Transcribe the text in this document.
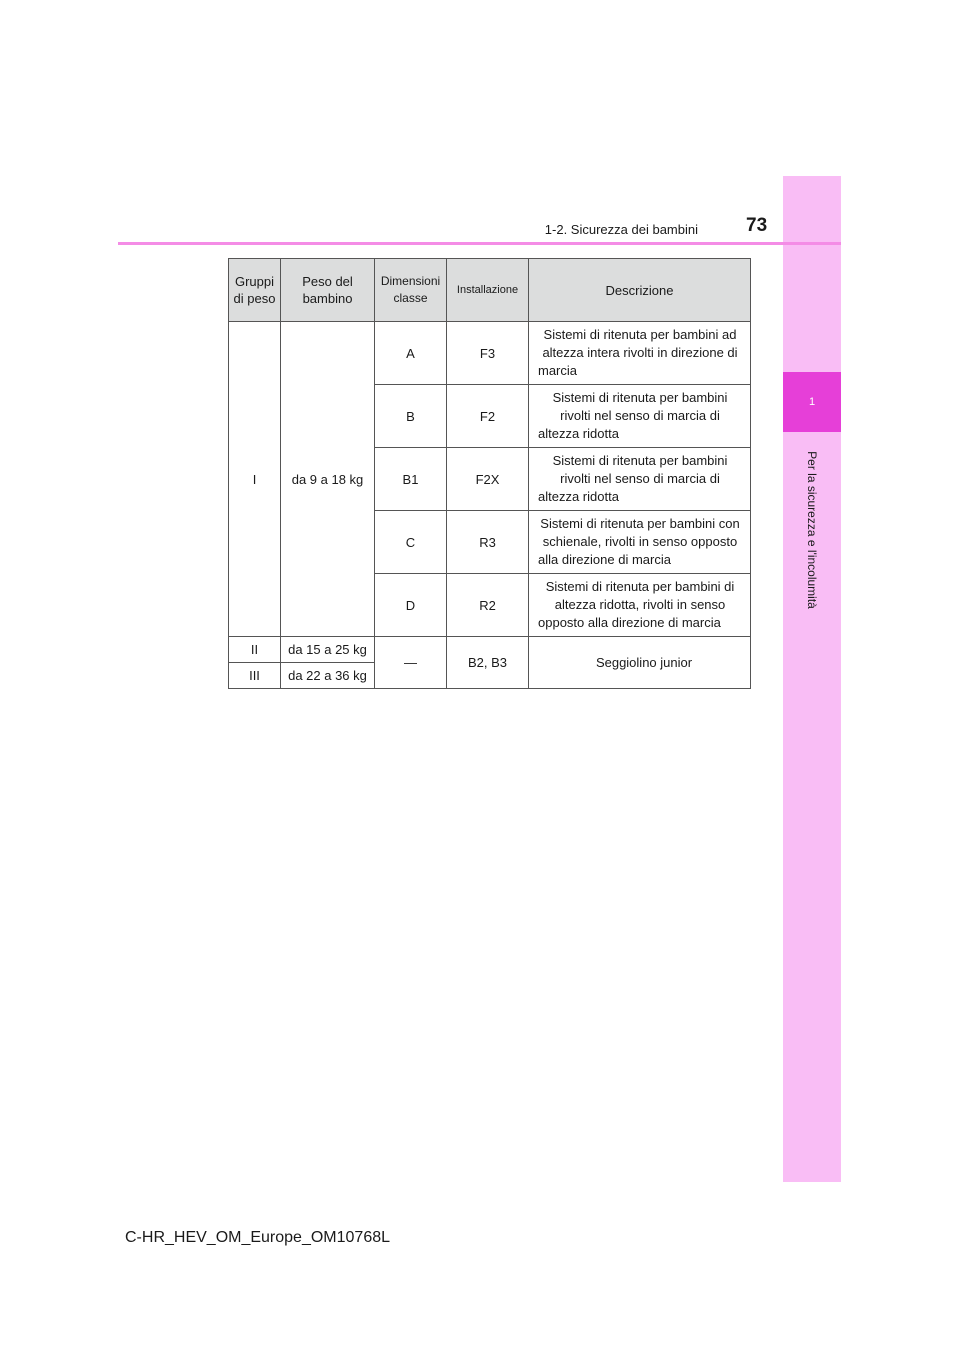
1
Per la sicurezza e l'incolumità
1-2. Sicurezza dei bambini	73
Gruppi di peso	Peso del bambino	Dimensioni classe	Installazione	Descrizione
I	da 9 a 18 kg	A	F3	Sistemi di ritenuta per bambini ad altezza intera rivolti in direzione di marcia
		B	F2	Sistemi di ritenuta per bambini rivolti nel senso di marcia di altezza ridotta
		B1	F2X	Sistemi di ritenuta per bambini rivolti nel senso di marcia di altezza ridotta
		C	R3	Sistemi di ritenuta per bambini con schienale, rivolti in senso opposto alla direzione di marcia
		D	R2	Sistemi di ritenuta per bambini di altezza ridotta, rivolti in senso opposto alla direzione di marcia
II	da 15 a 25 kg	—	B2, B3	Seggiolino junior
III	da 22 a 36 kg			
C-HR_HEV_OM_Europe_OM10768L
